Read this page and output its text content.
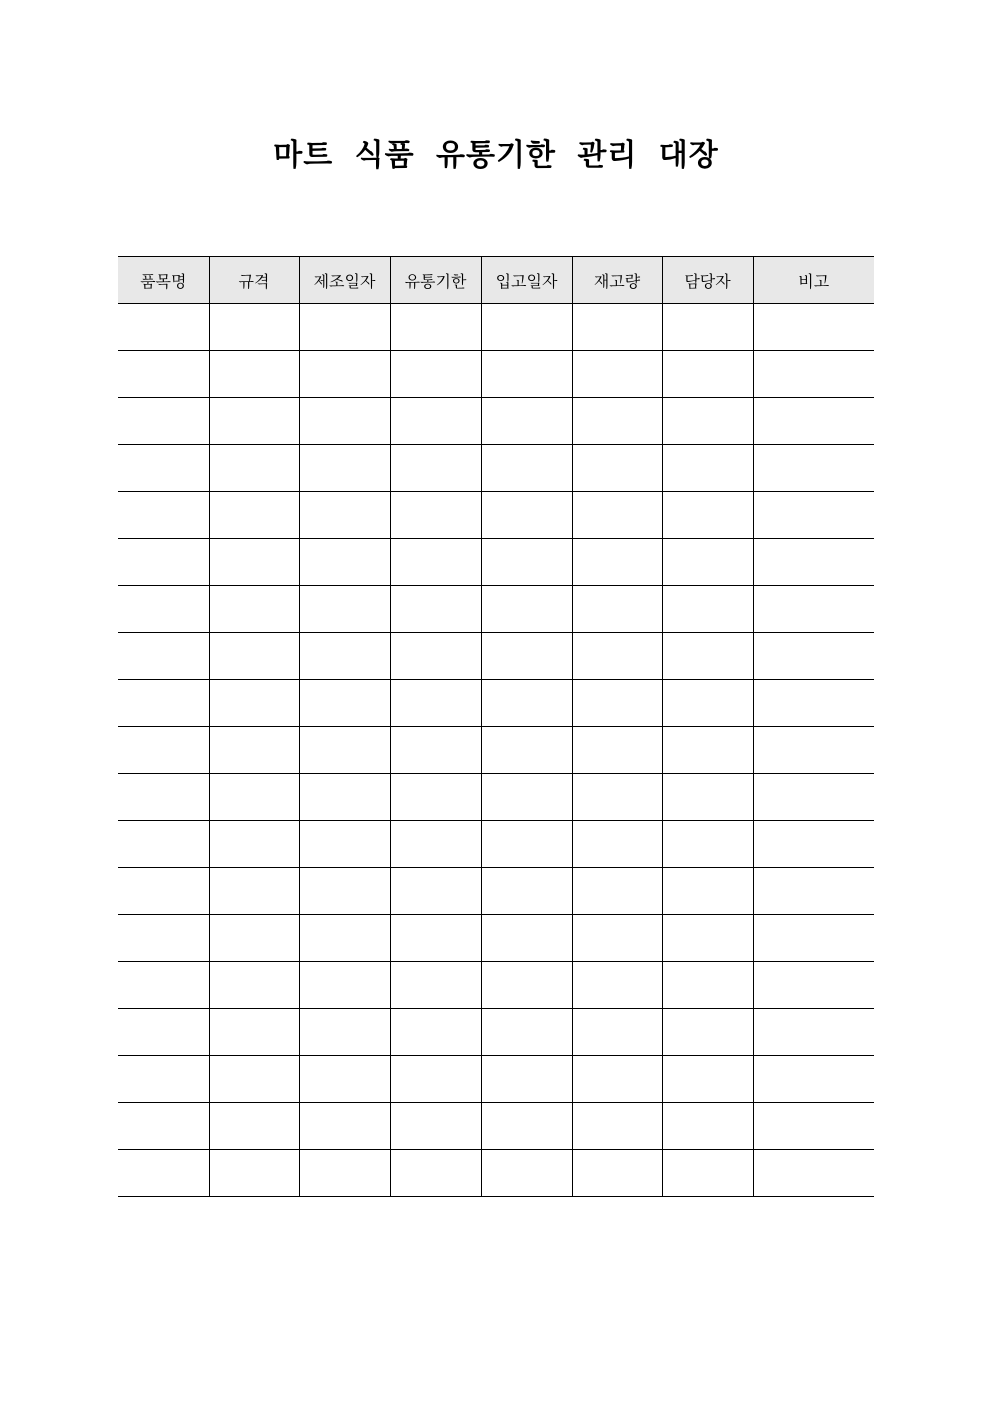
마트 식품 유통기한 관리 대장
품목명	규격	제조일자	유통기한	입고일자	재고량	담당자	비고
